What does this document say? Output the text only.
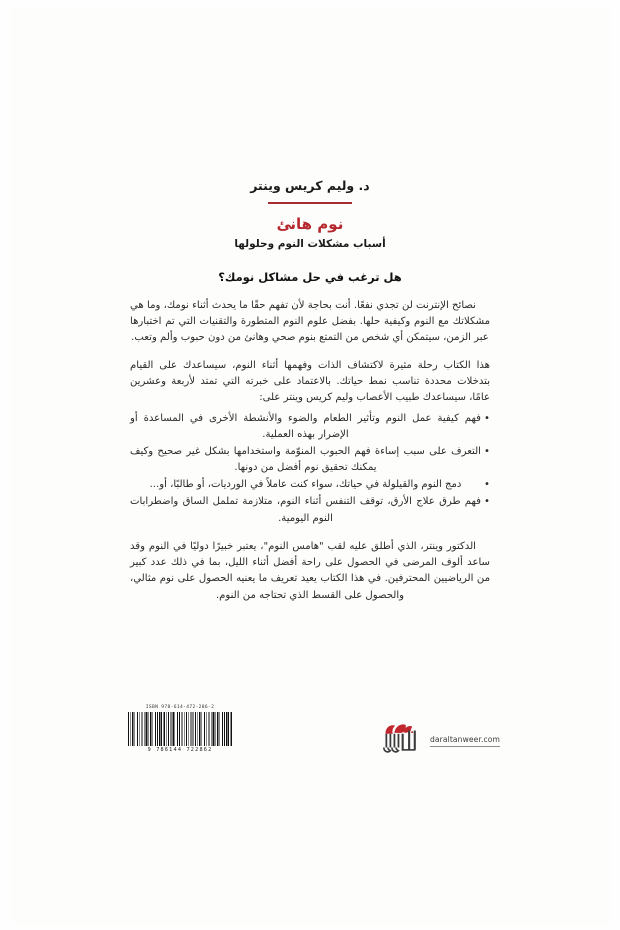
د. وليم كريس وينتر
نوم هانئ
أسباب مشكلات النوم وحلولها
هل ترغب في حل مشاكل نومك؟

نصائح الإنترنت لن تجدي نفعًا. أنت بحاجة لأن تفهم حقًا ما يحدث أثناء نومك، وما هي مشكلاتك مع النوم وكيفية حلها. بفضل علوم النوم المتطورة والتقنيات التي تم اختبارها عبر الزمن، سيتمكن أي شخص من التمتع بنوم صحي وهانئ من دون حبوب وألم وتعب.

هذا الكتاب رحلة مثيرة لاكتشاف الذات وفهمها أثناء النوم، سيساعدك على القيام بتدخلات محددة تناسب نمط حياتك. بالاعتماد على خبرته التي تمتد لأربعة وعشرين عامًا، سيساعدك طبيب الأعصاب وليم كريس وينتر على:

•
فهم كيفية عمل النوم وتأثير الطعام والضوء والأنشطة الأخرى في المساعدة أو الإضرار بهذه العملية.
•
التعرف على سبب إساءة فهم الحبوب المنوّمة واستخدامها بشكل غير صحيح وكيف يمكنك تحقيق نوم أفضل من دونها.
•
دمج النوم والقيلولة في حياتك، سواء كنت عاملاً في الورديات، أو طالبًا، أو...
•
فهم طرق علاج الأرق، توقف التنفس أثناء النوم، متلازمة تململ الساق واضطرابات النوم اليومية.

الدكتور وينتر، الذي أطلق عليه لقب "هامس النوم"، يعتبر خبيرًا دوليًا في النوم وقد ساعد ألوف المرضى في الحصول على راحة أفضل أثناء الليل، بما في ذلك عدد كبير من الرياضيين المحترفين. في هذا الكتاب يعيد تعريف ما يعنيه الحصول على نوم مثالي، والحصول على القسط الذي تحتاجه من النوم.

ISBN 978-614-472-286-2
9 786144 722862
daraltanweer.com
